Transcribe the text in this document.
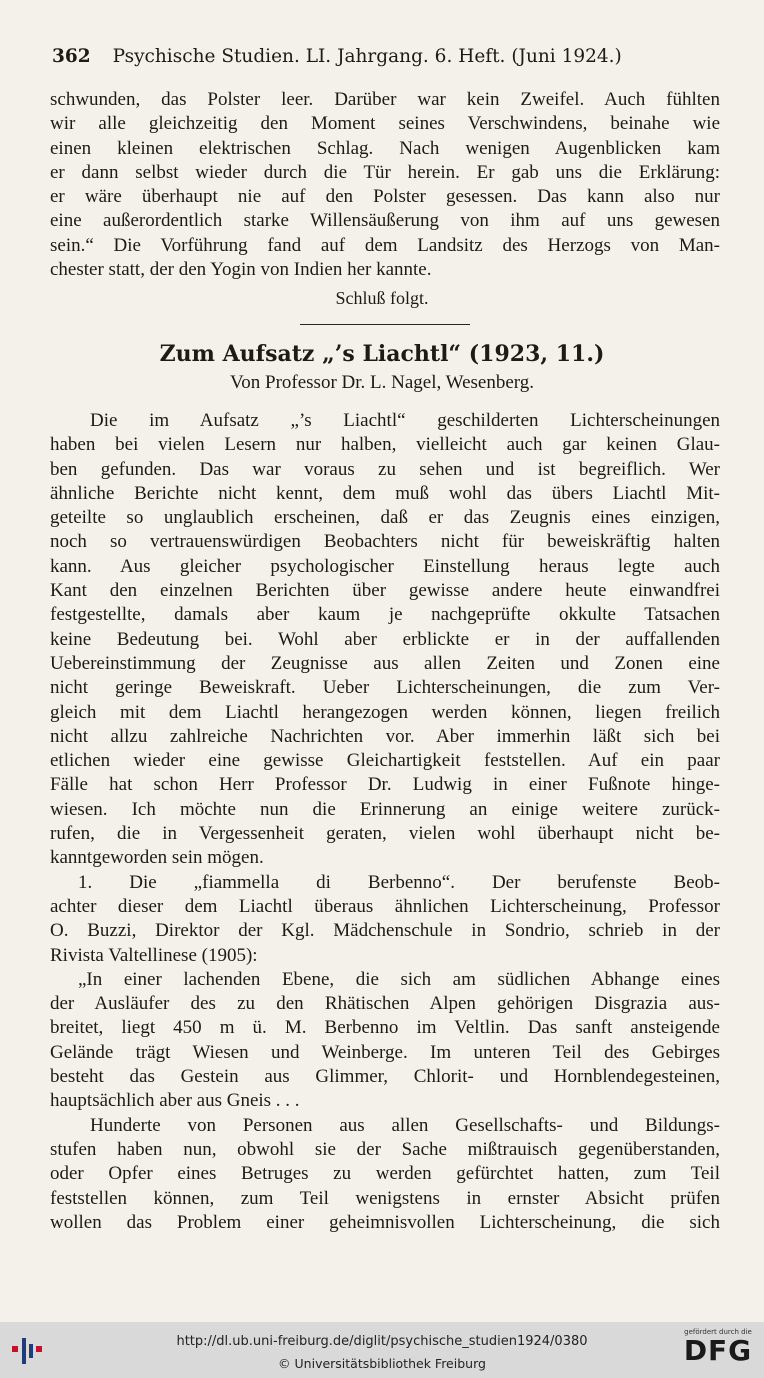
362 Psychische Studien. LI. Jahrgang. 6. Heft. (Juni 1924.)
schwunden, das Polster leer. Darüber war kein Zweifel. Auch fühlten
wir alle gleichzeitig den Moment seines Verschwindens, beinahe wie
einen kleinen elektrischen Schlag. Nach wenigen Augenblicken kam
er dann selbst wieder durch die Tür herein. Er gab uns die Erklärung:
er wäre überhaupt nie auf den Polster gesessen. Das kann also nur
eine außerordentlich starke Willensäußerung von ihm auf uns gewesen
sein.“ Die Vorführung fand auf dem Landsitz des Herzogs von Man-
chester statt, der den Yogin von Indien her kannte.
Schluß folgt.
Zum Aufsatz „’s Liachtl“ (1923, 11.)
Von Professor Dr. L. Nagel, Wesenberg.
Die im Aufsatz „’s Liachtl“ geschilderten Lichterscheinungen
haben bei vielen Lesern nur halben, vielleicht auch gar keinen Glau-
ben gefunden. Das war voraus zu sehen und ist begreiflich. Wer
ähnliche Berichte nicht kennt, dem muß wohl das übers Liachtl Mit-
geteilte so unglaublich erscheinen, daß er das Zeugnis eines einzigen,
noch so vertrauenswürdigen Beobachters nicht für beweiskräftig halten
kann. Aus gleicher psychologischer Einstellung heraus legte auch
Kant den einzelnen Berichten über gewisse andere heute einwandfrei
festgestellte, damals aber kaum je nachgeprüfte okkulte Tatsachen
keine Bedeutung bei. Wohl aber erblickte er in der auffallenden
Uebereinstimmung der Zeugnisse aus allen Zeiten und Zonen eine
nicht geringe Beweiskraft. Ueber Lichterscheinungen, die zum Ver-
gleich mit dem Liachtl herangezogen werden können, liegen freilich
nicht allzu zahlreiche Nachrichten vor. Aber immerhin läßt sich bei
etlichen wieder eine gewisse Gleichartigkeit feststellen. Auf ein paar
Fälle hat schon Herr Professor Dr. Ludwig in einer Fußnote hinge-
wiesen. Ich möchte nun die Erinnerung an einige weitere zurück-
rufen, die in Vergessenheit geraten, vielen wohl überhaupt nicht be-
kanntgeworden sein mögen.
1. Die „fiammella di Berbenno“. Der berufenste Beob-
achter dieser dem Liachtl überaus ähnlichen Lichterscheinung, Professor
O. Buzzi, Direktor der Kgl. Mädchenschule in Sondrio, schrieb in der
Rivista Valtellinese (1905):
„In einer lachenden Ebene, die sich am südlichen Abhange eines
der Ausläufer des zu den Rhätischen Alpen gehörigen Disgrazia aus-
breitet, liegt 450 m ü. M. Berbenno im Veltlin. Das sanft ansteigende
Gelände trägt Wiesen und Weinberge. Im unteren Teil des Gebirges
besteht das Gestein aus Glimmer, Chlorit- und Hornblendegesteinen,
hauptsächlich aber aus Gneis . . .
Hunderte von Personen aus allen Gesellschafts- und Bildungs-
stufen haben nun, obwohl sie der Sache mißtrauisch gegenüberstanden,
oder Opfer eines Betruges zu werden gefürchtet hatten, zum Teil
feststellen können, zum Teil wenigstens in ernster Absicht prüfen
wollen das Problem einer geheimnisvollen Lichterscheinung, die sich
http://dl.ub.uni-freiburg.de/diglit/psychische_studien1924/0380
© Universitätsbibliothek Freiburg
gefördert durch die
DFG
